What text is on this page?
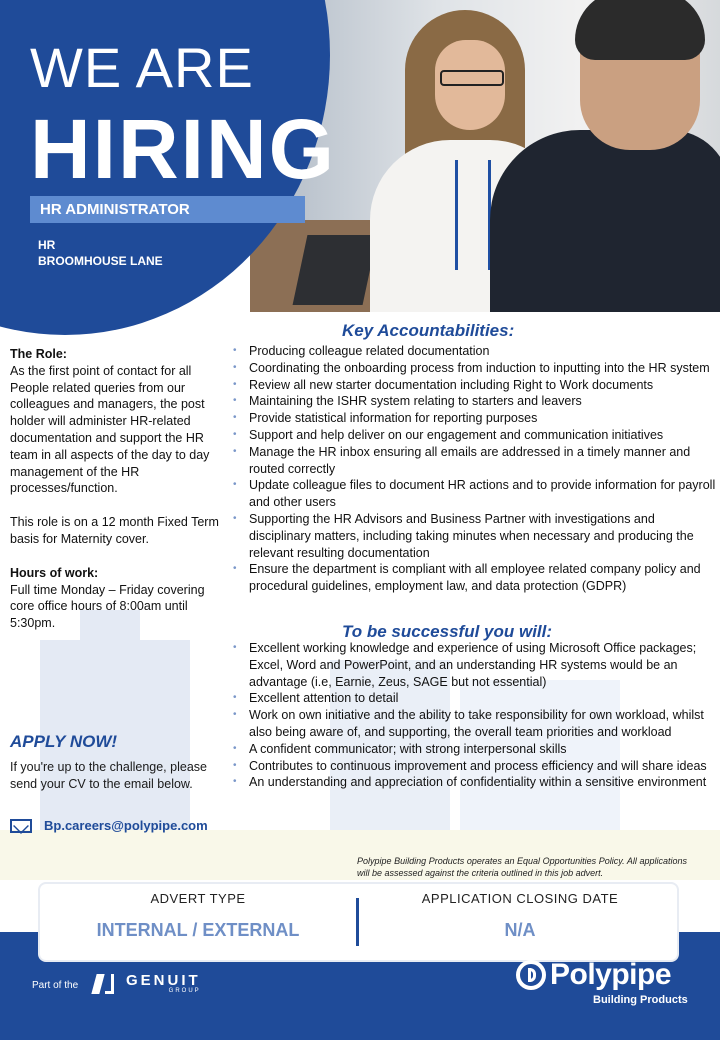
WE ARE
HIRING
HR ADMINISTRATOR
HR
BROOMHOUSE LANE
The Role:

As the first point of contact for all People related queries from our colleagues and managers, the post holder will administer HR-related documentation and support the HR team in all aspects of the day to day management of the HR processes/function.

This role is on a 12 month Fixed Term basis for Maternity cover.

Hours of work:

Full time Monday – Friday covering core office hours of 8:00am until 5:30pm.

APPLY NOW!
If you're up to the challenge, please send your CV to the email below.
Bp.careers@polypipe.com
Key Accountabilities:
• Producing colleague related documentation
• Coordinating the onboarding process from induction to inputting into the HR system
• Review all new starter documentation including Right to Work documents
• Maintaining the ISHR system relating to starters and leavers
• Provide statistical information for reporting purposes
• Support and help deliver on our engagement and communication initiatives
• Manage the HR inbox ensuring all emails are addressed in a timely manner and routed correctly
• Update colleague files to document HR actions and to provide information for payroll and other users
• Supporting the HR Advisors and Business Partner with investigations and disciplinary matters, including taking minutes when necessary and producing the relevant resulting documentation
• Ensure the department is compliant with all employee related company policy and procedural guidelines, employment law, and data protection (GDPR)
To be successful you will:
• Excellent working knowledge and experience of using Microsoft Office packages; Excel, Word and PowerPoint, and an understanding HR systems would be an advantage (i.e, Earnie, Zeus, SAGE but not essential)
• Excellent attention to detail
• Work on own initiative and the ability to take responsibility for own workload, whilst also being aware of, and supporting, the overall team priorities and workload
• A confident communicator; with strong interpersonal skills
• Contributes to continuous improvement and process efficiency and will share ideas
• An understanding and appreciation of confidentiality within a sensitive environment
Polypipe Building Products operates an Equal Opportunities Policy. All applications will be assessed against the criteria outlined in this job advert.
ADVERT TYPE
INTERNAL / EXTERNAL
APPLICATION CLOSING DATE
N/A
Part of the	GENUIT
GROUP	Polypipe
Building Products
